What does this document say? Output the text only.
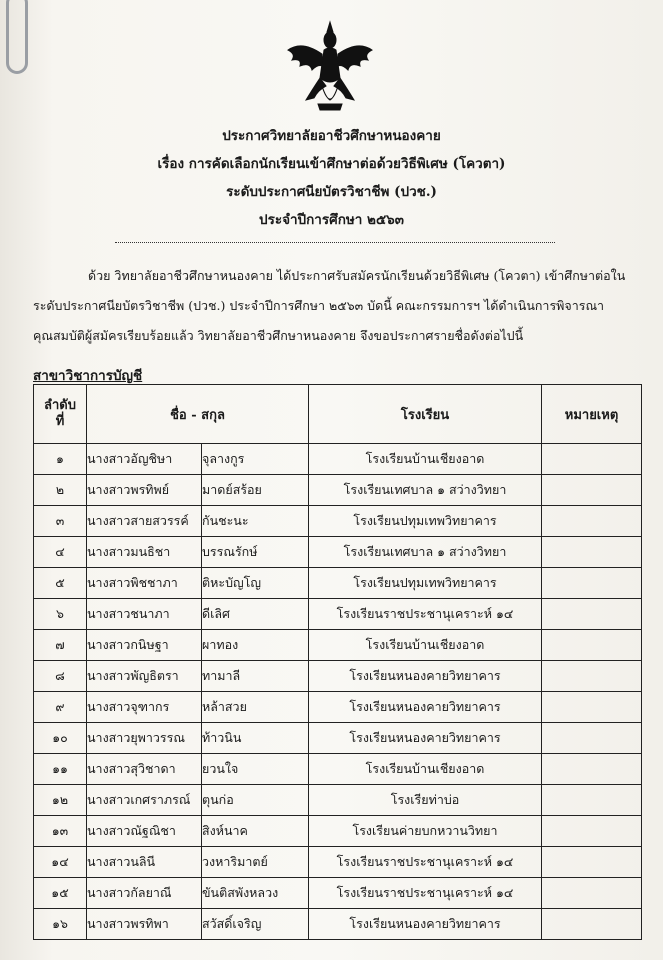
ประกาศวิทยาลัยอาชีวศึกษาหนองคาย
เรื่อง การคัดเลือกนักเรียนเข้าศึกษาต่อด้วยวิธีพิเศษ (โควตา)
ระดับประกาศนียบัตรวิชาชีพ (ปวช.)
ประจำปีการศึกษา ๒๕๖๓
ด้วย วิทยาลัยอาชีวศึกษาหนองคาย ได้ประกาศรับสมัครนักเรียนด้วยวิธีพิเศษ (โควตา) เข้าศึกษาต่อใน
ระดับประกาศนียบัตรวิชาชีพ (ปวช.) ประจำปีการศึกษา ๒๕๖๓ บัดนี้ คณะกรรมการฯ ได้ดำเนินการพิจารณา
คุณสมบัติผู้สมัครเรียบร้อยแล้ว วิทยาลัยอาชีวศึกษาหนองคาย จึงขอประกาศรายชื่อดังต่อไปนี้
สาขาวิชาการบัญชี
ลำดับ
ที่	ชื่อ - สกุล		โรงเรียน	หมายเหตุ
๑	นางสาวอัญชิษา	จุลางกูร	โรงเรียนบ้านเชียงอาด	
๒	นางสาวพรทิพย์	มาดย์สร้อย	โรงเรียนเทศบาล ๑ สว่างวิทยา	
๓	นางสาวสายสวรรค์	กันชะนะ	โรงเรียนปทุมเทพวิทยาคาร	
๔	นางสาวมนธิชา	บรรณรักษ์	โรงเรียนเทศบาล ๑ สว่างวิทยา	
๕	นางสาวพิชชาภา	ติหะบัญโญ	โรงเรียนปทุมเทพวิทยาคาร	
๖	นางสาวชนาภา	ดีเลิศ	โรงเรียนราชประชานุเคราะห์ ๑๔	
๗	นางสาวกนิษฐา	ผาทอง	โรงเรียนบ้านเชียงอาด	
๘	นางสาวพัญธิตรา	ทามาลี	โรงเรียนหนองคายวิทยาคาร	
๙	นางสาวจุฑากร	หล้าสวย	โรงเรียนหนองคายวิทยาคาร	
๑๐	นางสาวยุพาวรรณ	ท้าวนิน	โรงเรียนหนองคายวิทยาคาร	
๑๑	นางสาวสุวิชาดา	ยวนใจ	โรงเรียนบ้านเชียงอาด	
๑๒	นางสาวเกศราภรณ์	ตุนก่อ	โรงเรียท่าบ่อ	
๑๓	นางสาวณัฐณิชา	สิงห์นาค	โรงเรียนค่ายบกหวานวิทยา	
๑๔	นางสาวนลินี	วงหาริมาตย์	โรงเรียนราชประชานุเคราะห์ ๑๔	
๑๕	นางสาวกัลยาณี	ขันติสพังหลวง	โรงเรียนราชประชานุเคราะห์ ๑๔	
๑๖	นางสาวพรทิพา	สวัสดิ์เจริญ	โรงเรียนหนองคายวิทยาคาร	
